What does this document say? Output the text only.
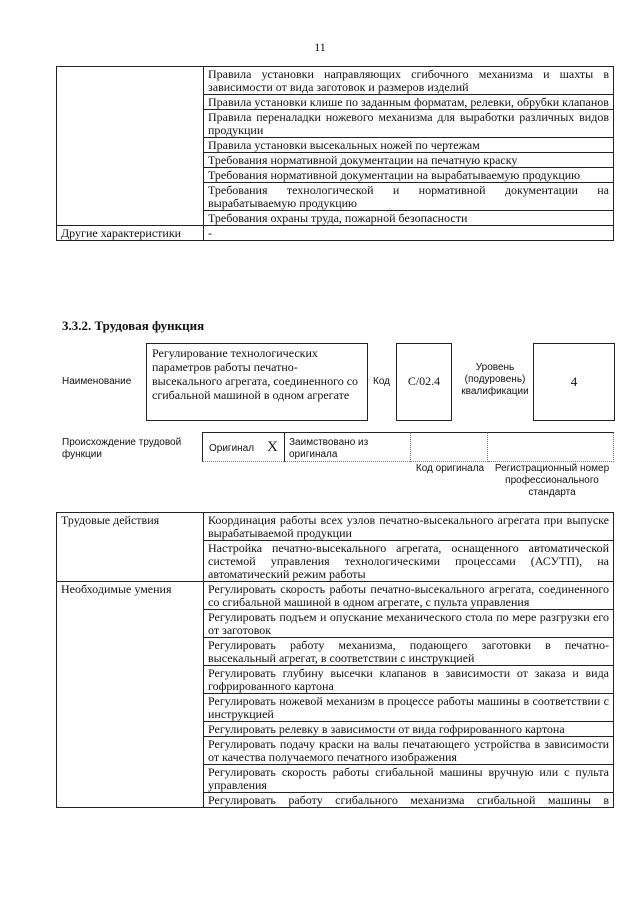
11
	Правила установки направляющих сгибочного механизма и шахты в зависимости от вида заготовок и размеров изделий
	Правила установки клише по заданным форматам, релевки, обрубки клапанов
	Правила переналадки ножевого механизма для выработки различных видов продукции
	Правила установки высекальных ножей по чертежам
	Требования нормативной документации на печатную краску
	Требования нормативной документации на вырабатываемую продукцию
	Требования технологической и нормативной документации на вырабатываемую продукцию
	Требования охраны труда, пожарной безопасности
Другие характеристики	-
3.3.2. Трудовая функция
Наименование
Регулирование технологических параметров работы печатно-высекального агрегата, соединенного со сгибальной машиной в одном агрегате
Код	C/02.4
Уровень (подуровень) квалификации
4
Происхождение трудовой функции
Оригинал X Заимствовано из оригинала
Код оригинала	Регистрационный номер профессионального стандарта
Трудовые действия	Координация работы всех узлов печатно-высекального агрегата при выпуске вырабатываемой продукции
	Настройка печатно-высекального агрегата, оснащенного автоматической системой управления технологическими процессами (АСУТП), на автоматический режим работы
Необходимые умения	Регулировать скорость работы печатно-высекального агрегата, соединенного со сгибальной машиной в одном агрегате, с пульта управления
	Регулировать подъем и опускание механического стола по мере разгрузки его от заготовок
	Регулировать работу механизма, подающего заготовки в печатно-высекальный агрегат, в соответствии с инструкцией
	Регулировать глубину высечки клапанов в зависимости от заказа и вида гофрированного картона
	Регулировать ножевой механизм в процессе работы машины в соответствии с инструкцией
	Регулировать релевку в зависимости от вида гофрированного картона
	Регулировать подачу краски на валы печатающего устройства в зависимости от качества получаемого печатного изображения
	Регулировать скорость работы сгибальной машины вручную или с пульта управления
	Регулировать работу сгибального механизма сгибальной машины в
